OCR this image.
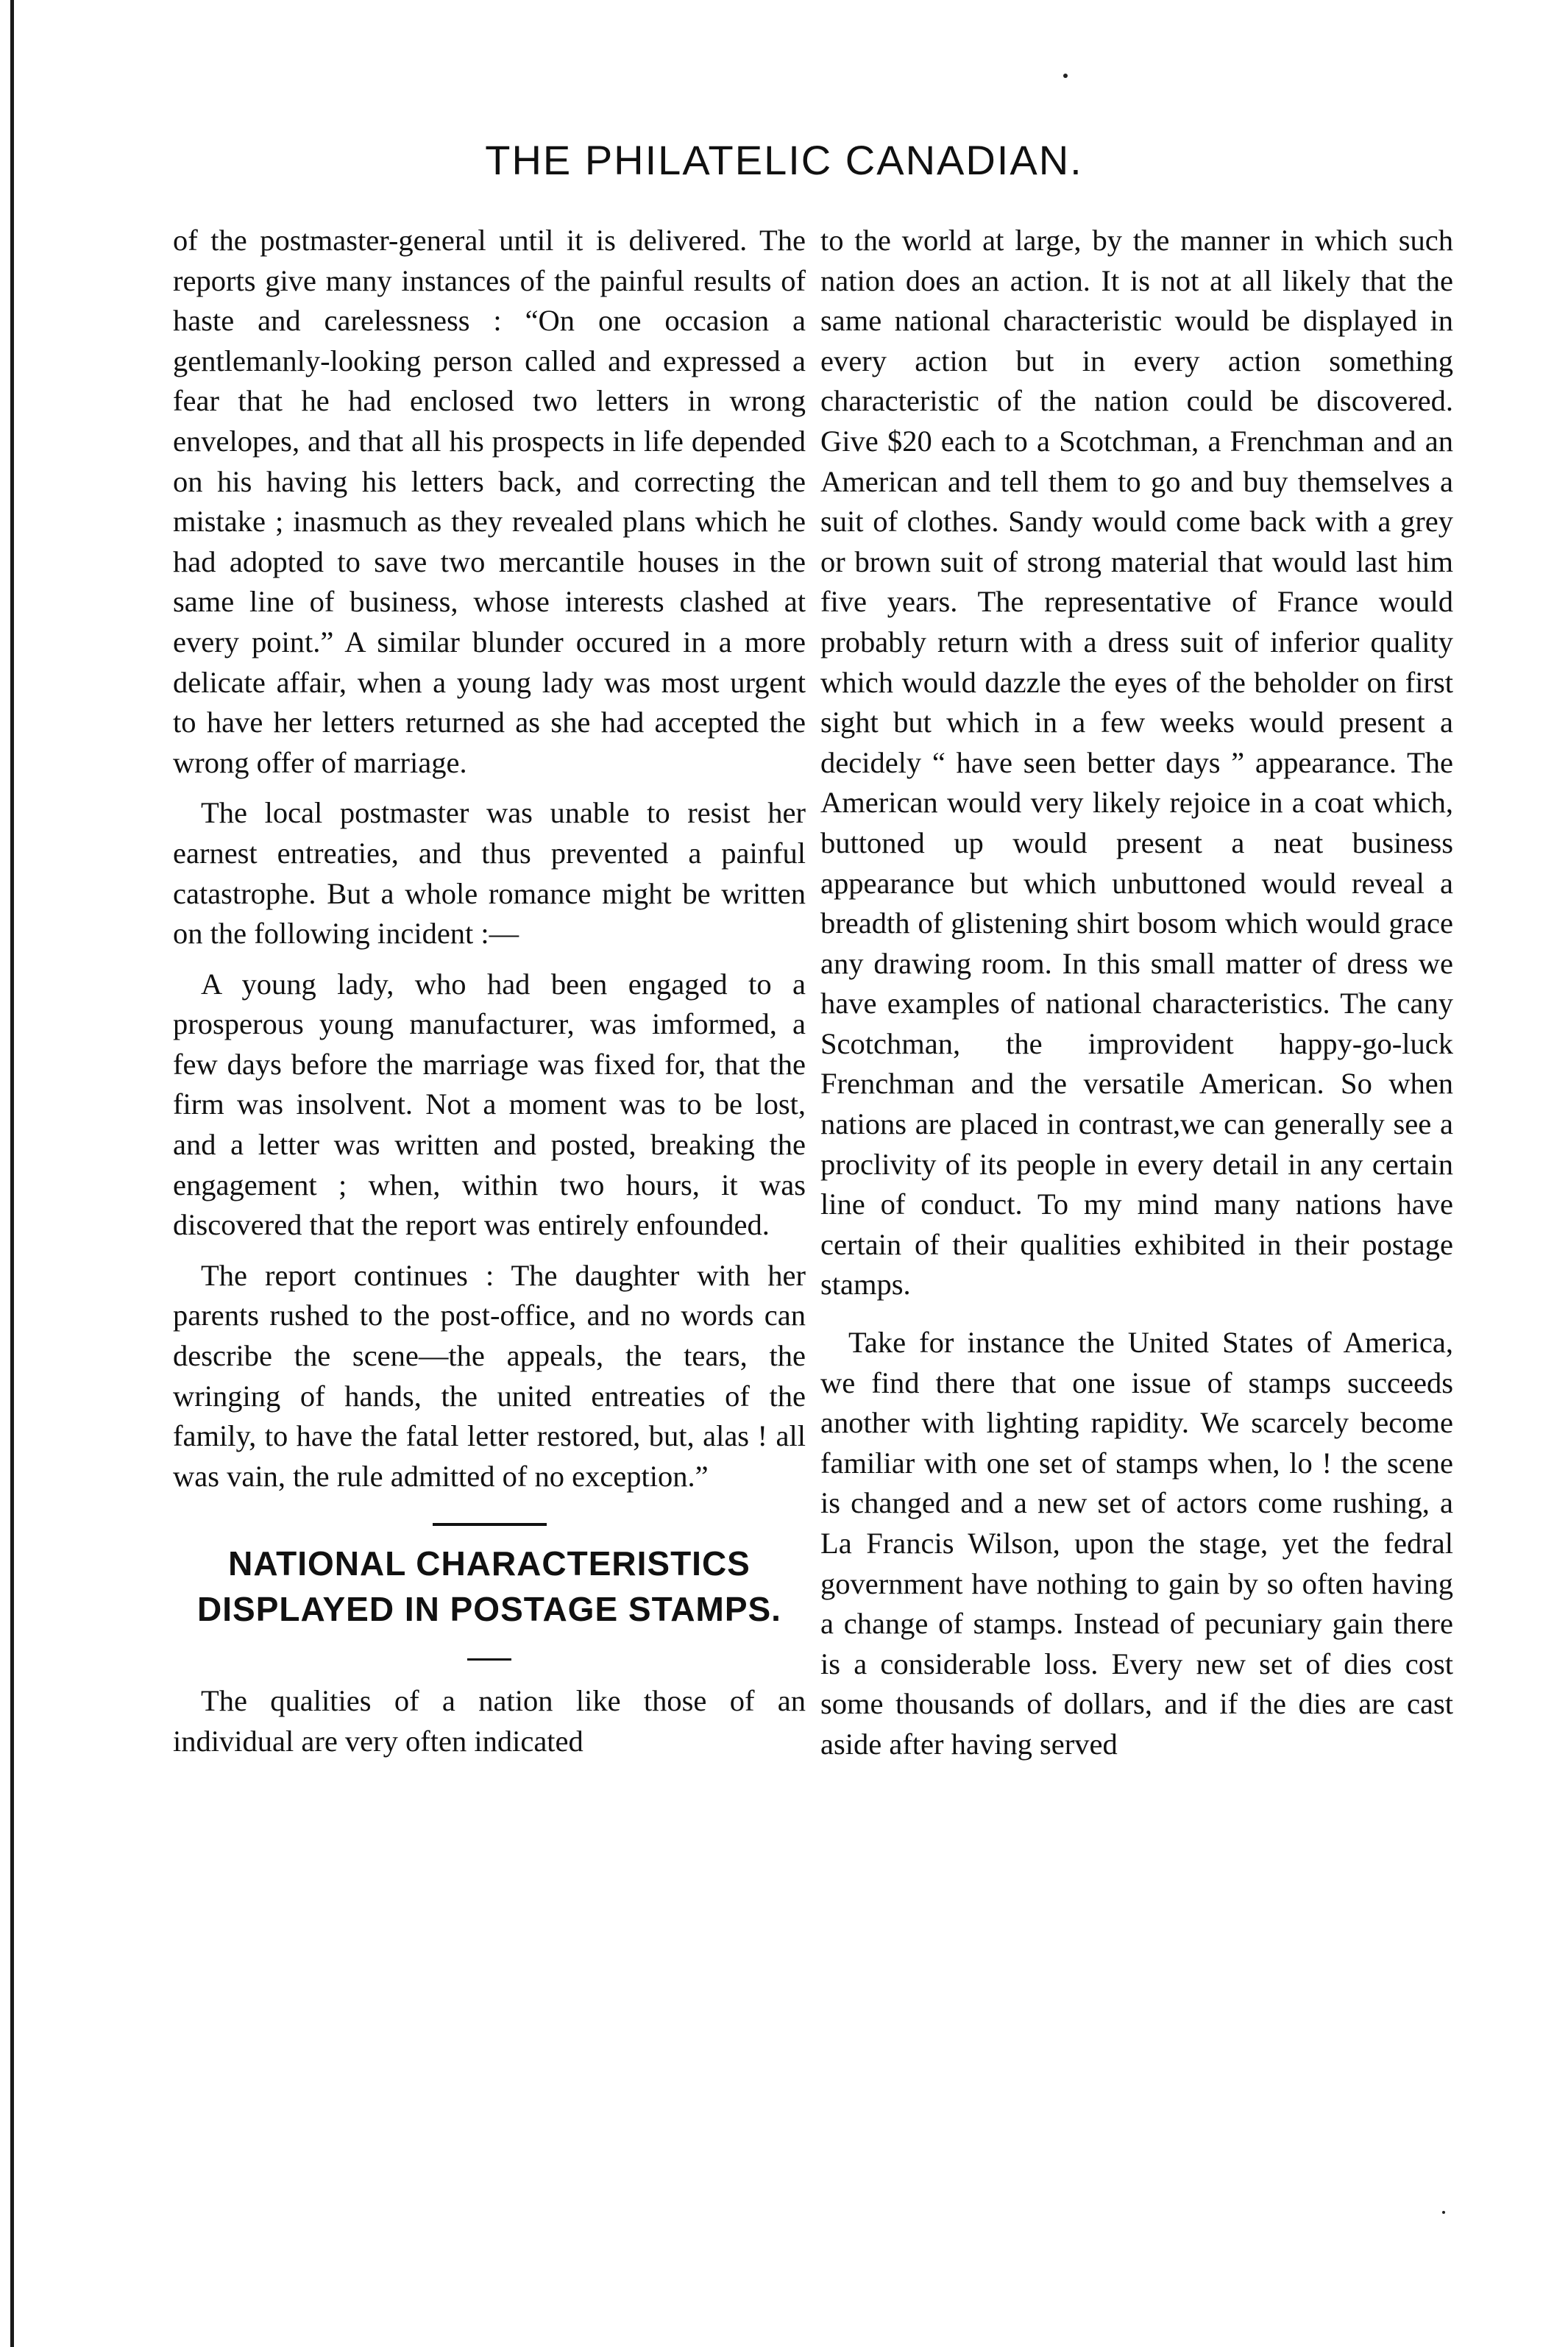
THE PHILATELIC CANADIAN.

of the postmaster-general until it is delivered. The reports give many instances of the painful results of haste and carelessness : “On one occasion a gentlemanly-looking person called and expressed a fear that he had enclosed two letters in wrong envelopes, and that all his prospects in life depended on his having his letters back, and correcting the mistake ; inasmuch as they revealed plans which he had adopted to save two mercantile houses in the same line of business, whose interests clashed at every point.” A similar blunder occured in a more delicate affair, when a young lady was most urgent to have her letters returned as she had accepted the wrong offer of marriage.

The local postmaster was unable to resist her earnest entreaties, and thus prevented a painful catastrophe. But a whole romance might be written on the following incident :—

A young lady, who had been engaged to a prosperous young manufacturer, was imformed, a few days before the marriage was fixed for, that the firm was insolvent. Not a moment was to be lost, and a letter was written and posted, breaking the engagement ; when, within two hours, it was discovered that the report was entirely enfounded.

The report continues : The daughter with her parents rushed to the post-office, and no words can describe the scene—the appeals, the tears, the wringing of hands, the united entreaties of the family, to have the fatal letter restored, but, alas ! all was vain, the rule admitted of no exception.”

NATIONAL CHARACTERISTICS DISPLAYED IN POSTAGE STAMPS.

The qualities of a nation like those of an individual are very often indicated

to the world at large, by the manner in which such nation does an action. It is not at all likely that the same national characteristic would be displayed in every action but in every action something characteristic of the nation could be discovered. Give $20 each to a Scotchman, a Frenchman and an American and tell them to go and buy themselves a suit of clothes. Sandy would come back with a grey or brown suit of strong material that would last him five years. The representative of France would probably return with a dress suit of inferior quality which would dazzle the eyes of the beholder on first sight but which in a few weeks would present a decidely “ have seen better days ” appearance. The American would very likely rejoice in a coat which, buttoned up would present a neat business appearance but which unbuttoned would reveal a breadth of glistening shirt bosom which would grace any drawing room. In this small matter of dress we have examples of national characteristics. The cany Scotchman, the improvident happy-go-luck Frenchman and the versatile American. So when nations are placed in contrast,we can generally see a proclivity of its people in every detail in any certain line of conduct. To my mind many nations have certain of their qualities exhibited in their postage stamps.

Take for instance the United States of America, we find there that one issue of stamps succeeds another with lighting rapidity. We scarcely become familiar with one set of stamps when, lo ! the scene is changed and a new set of actors come rushing, a La Francis Wilson, upon the stage, yet the fedral government have nothing to gain by so often having a change of stamps. Instead of pecuniary gain there is a considerable loss. Every new set of dies cost some thousands of dollars, and if the dies are cast aside after having served
